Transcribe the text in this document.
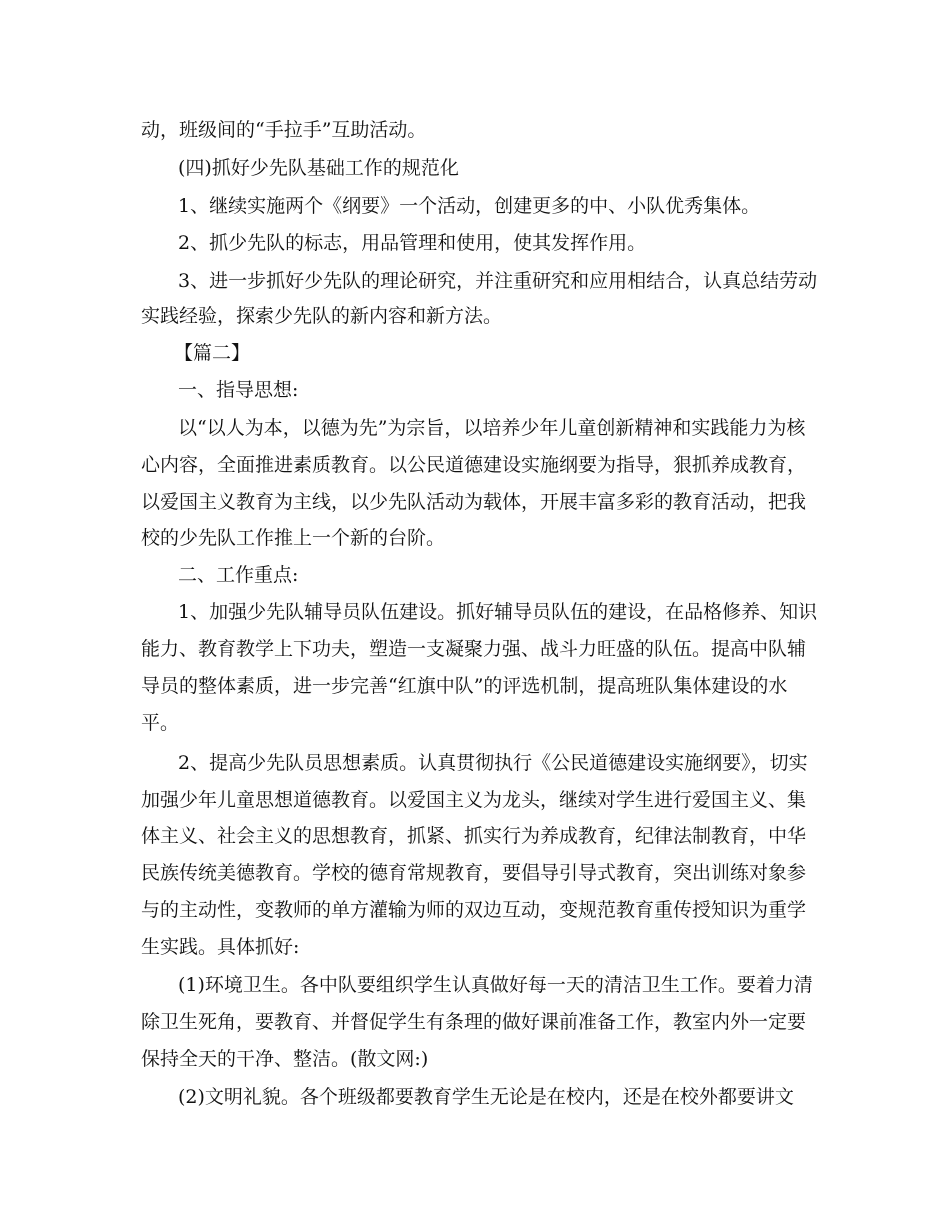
动，班级间的“手拉手”互助活动。
(四)抓好少先队基础工作的规范化
1、继续实施两个《纲要》一个活动，创建更多的中、小队优秀集体。
2、抓少先队的标志，用品管理和使用，使其发挥作用。
3、进一步抓好少先队的理论研究，并注重研究和应用相结合，认真总结劳动
实践经验，探索少先队的新内容和新方法。
【篇二】
一、指导思想:
以“以人为本，以德为先”为宗旨，以培养少年儿童创新精神和实践能力为核
心内容，全面推进素质教育。以公民道德建设实施纲要为指导，狠抓养成教育，
以爱国主义教育为主线，以少先队活动为载体，开展丰富多彩的教育活动，把我
校的少先队工作推上一个新的台阶。
二、工作重点:
1、加强少先队辅导员队伍建设。抓好辅导员队伍的建设，在品格修养、知识
能力、教育教学上下功夫，塑造一支凝聚力强、战斗力旺盛的队伍。提高中队辅
导员的整体素质，进一步完善“红旗中队”的评选机制，提高班队集体建设的水
平。
2、提高少先队员思想素质。认真贯彻执行《公民道德建设实施纲要》，切实
加强少年儿童思想道德教育。以爱国主义为龙头，继续对学生进行爱国主义、集
体主义、社会主义的思想教育，抓紧、抓实行为养成教育，纪律法制教育，中华
民族传统美德教育。学校的德育常规教育，要倡导引导式教育，突出训练对象参
与的主动性，变教师的单方灌输为师的双边互动，变规范教育重传授知识为重学
生实践。具体抓好:
(1)环境卫生。各中队要组织学生认真做好每一天的清洁卫生工作。要着力清
除卫生死角，要教育、并督促学生有条理的做好课前准备工作，教室内外一定要
保持全天的干净、整洁。(散文网:)
(2)文明礼貌。各个班级都要教育学生无论是在校内，还是在校外都要讲文
